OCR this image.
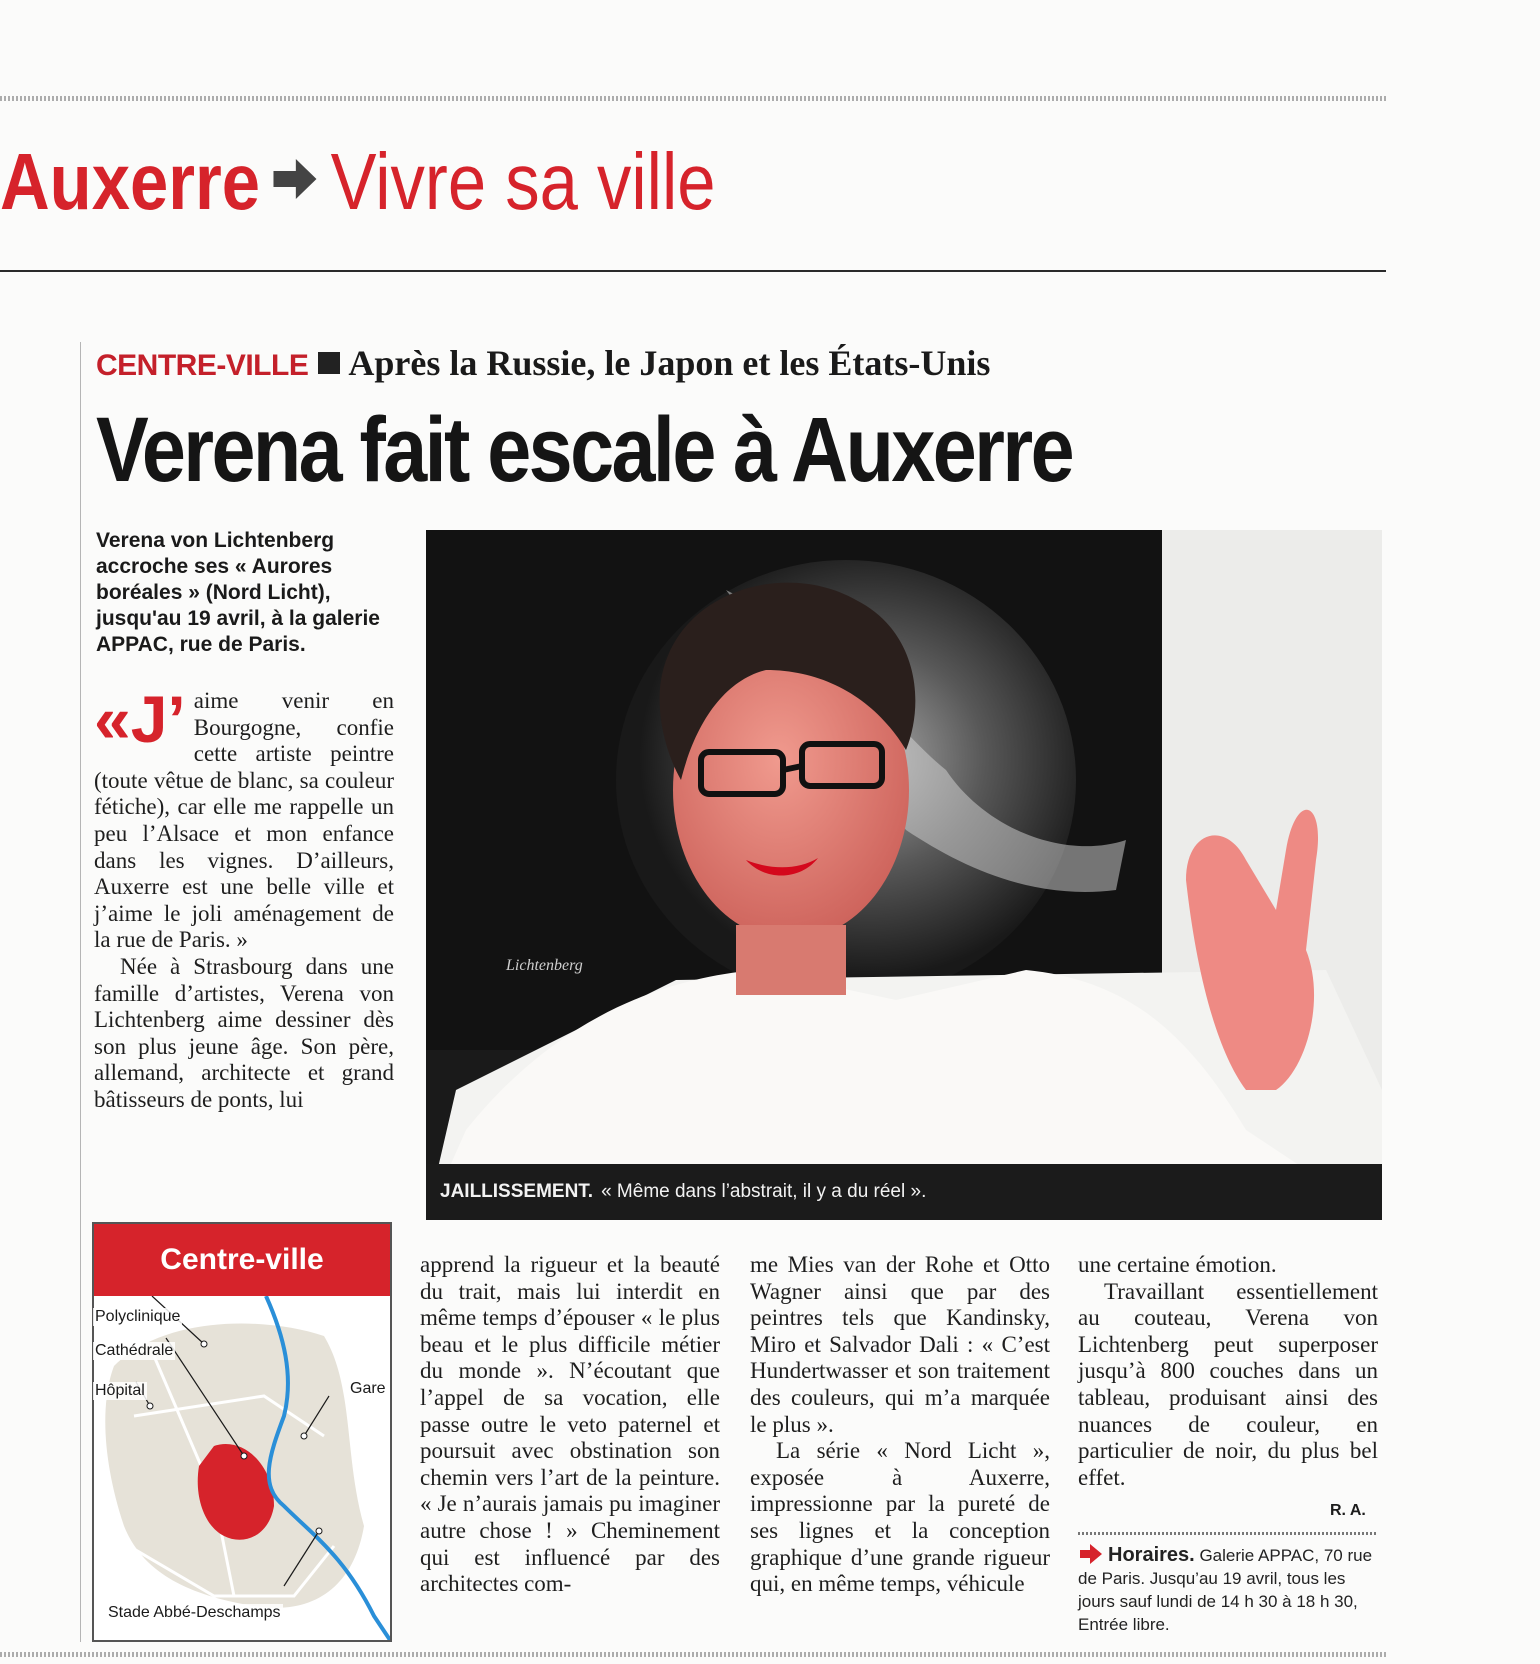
Auxerre Vivre sa ville
CENTRE-VILLE Après la Russie, le Japon et les États-Unis
Verena fait escale à Auxerre
Verena von Lichtenberg accroche ses « Aurores boréales » (Nord Licht), jusqu'au 19 avril, à la galerie APPAC, rue de Paris.

«J’ aime venir en Bourgogne, confie cette artiste peintre (toute vêtue de blanc, sa couleur fétiche), car elle me rappelle un peu l’Alsace et mon enfance dans les vignes. D’ailleurs, Auxerre est une belle ville et j’aime le joli aménagement de la rue de Paris. »

Née à Strasbourg dans une famille d’artistes, Verena von Lichtenberg aime dessiner dès son plus jeune âge. Son père, allemand, architecte et grand bâtisseurs de ponts, lui

Lichtenberg
JAILLISSEMENT. « Même dans l’abstrait, il y a du réel ».
Centre-ville
Polyclinique
Cathédrale
Hôpital	Gare
Stade Abbé-Deschamps

apprend la rigueur et la beauté du trait, mais lui interdit en même temps d’épouser « le plus beau et le plus difficile métier du monde ». N’écoutant que l’appel de sa vocation, elle passe outre le veto paternel et poursuit avec obstination son chemin vers l’art de la peinture. « Je n’aurais jamais pu imaginer autre chose ! » Cheminement qui est influencé par des architectes com-

me Mies van der Rohe et Otto Wagner ainsi que par des peintres tels que Kandinsky, Miro et Salvador Dali : « C’est Hundertwasser et son traitement des couleurs, qui m’a marquée le plus ».

La série « Nord Licht », exposée à Auxerre, impressionne par la pureté de ses lignes et la conception graphique d’une grande rigueur qui, en même temps, véhicule

une certaine émotion.

Travaillant essentiellement au couteau, Verena von Lichtenberg peut superposer jusqu’à 800 couches dans un tableau, produisant ainsi des nuances de couleur, en particulier de noir, du plus bel effet.

R. A.
Horaires. Galerie APPAC, 70 rue de Paris. Jusqu’au 19 avril, tous les jours sauf lundi de 14 h 30 à 18 h 30, Entrée libre.
